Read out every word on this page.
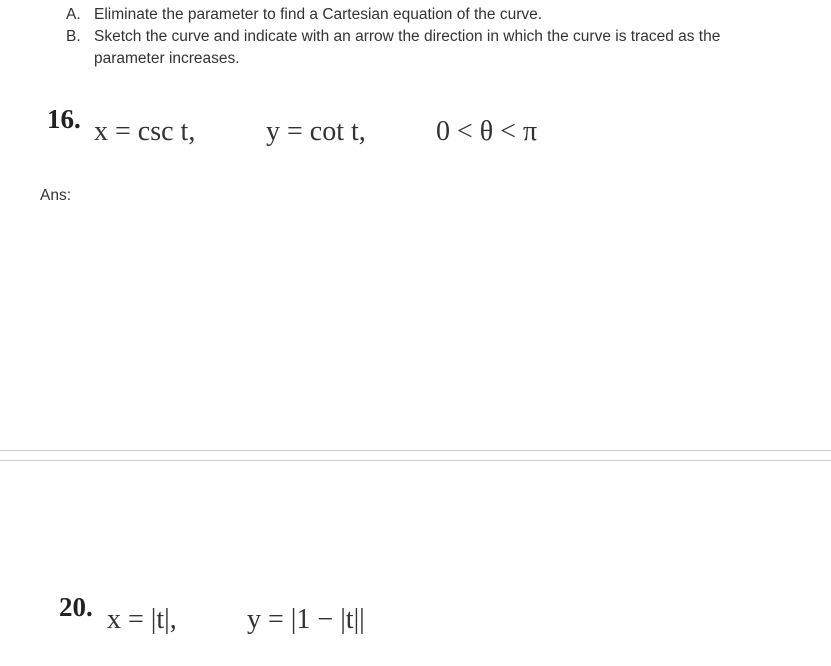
A. Eliminate the parameter to find a Cartesian equation of the curve.
B. Sketch the curve and indicate with an arrow the direction in which the curve is traced as the parameter increases.
16. x = csc t,	y = cot t,	0 < θ < π
Ans:
20. x = |t|,	y = |1 − |t||
